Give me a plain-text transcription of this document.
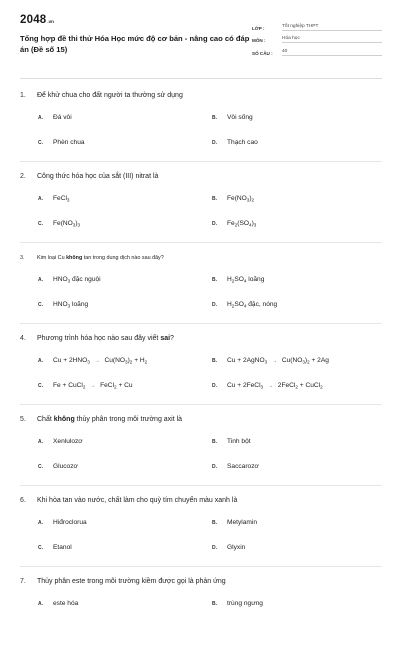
2048 .vn
Tổng hợp đề thi thử Hóa Học mức độ cơ bản - nâng cao có đáp án (Đề số 15)
LỚP :	Tốt nghiệp THPT
MÔN :	Hóa học
SỐ CÂU :	40
1.	Để khử chua cho đất người ta thường sử dụng
A.	Đá vôi	B.	Vôi sống
C.	Phèn chua	D.	Thạch cao
2.	Công thức hóa học của sắt (III) nitrat là
A.	FeCl$_3$	B.	$Fe(NO_3)_2$
C.	$Fe(NO_3)_3$	D.	$Fe_2(SO_4)_3$
3.	Kim loại Cu không tan trong dung dịch nào sau đây?
A.	$HNO_3$ đặc nguội	B.	$H_2SO_4$ loãng
C.	$HNO_3$ loãng	D.	$H_2SO_4$ đặc, nóng
4.	Phương trình hóa học nào sau đây viết sai?
A.	$Cu + 2HNO_3 \to Cu(NO_3)_2 + H_2$	B.	Cu + 2AgNO$_3$ → $Cu(NO_3)_2 + 2Ag$
C.	Fe + CuCl$_2$ → FeCl$_2$ + Cu	D.	Cu + 2FeCl$_3$ → 2FeCl$_2$ + CuCl$_2$
5.	Chất không thủy phân trong môi trường axit là
A.	Xenlulozơ	B.	Tinh bột
C.	Glucozơ	D.	Saccarozơ
6.	Khi hòa tan vào nước, chất làm cho quỳ tím chuyển màu xanh là
A.	Hiđroclorua	B.	Metylamin
C.	Etanol	D.	Glyxin
7.	Thủy phân este trong môi trường kiềm được gọi là phản ứng
A.	este hóa	B.	trùng ngưng
